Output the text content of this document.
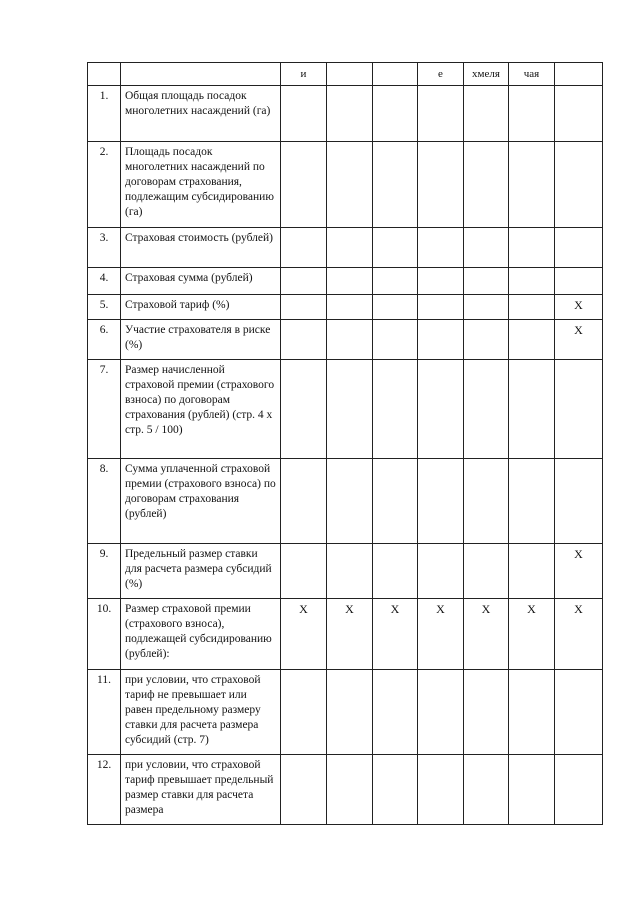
		и			е	хмеля	чая	
1.	Общая площадь посадок многолетних насаждений (га)							
2.	Площадь посадок многолетних насаждений по договорам страхования, подлежащим субсидированию (га)							
3.	Страховая стоимость (рублей)							
4.	Страховая сумма (рублей)							
5.	Страховой тариф (%)							X
6.	Участие страхователя в риске (%)							X
7.	Размер начисленной страховой премии (страхового взноса) по договорам страхования (рублей) (стр. 4 x стр. 5 / 100)							
8.	Сумма уплаченной страховой премии (страхового взноса) по договорам страхования (рублей)							
9.	Предельный размер ставки для расчета размера субсидий (%)							X
10.	Размер страховой премии (страхового взноса), подлежащей субсидированию (рублей):	X	X	X	X	X	X	X
11.	при условии, что страховой тариф не превышает или равен предельному размеру ставки для расчета размера субсидий (стр. 7)							
12.	при условии, что страховой тариф превышает предельный размер ставки для расчета размера							
